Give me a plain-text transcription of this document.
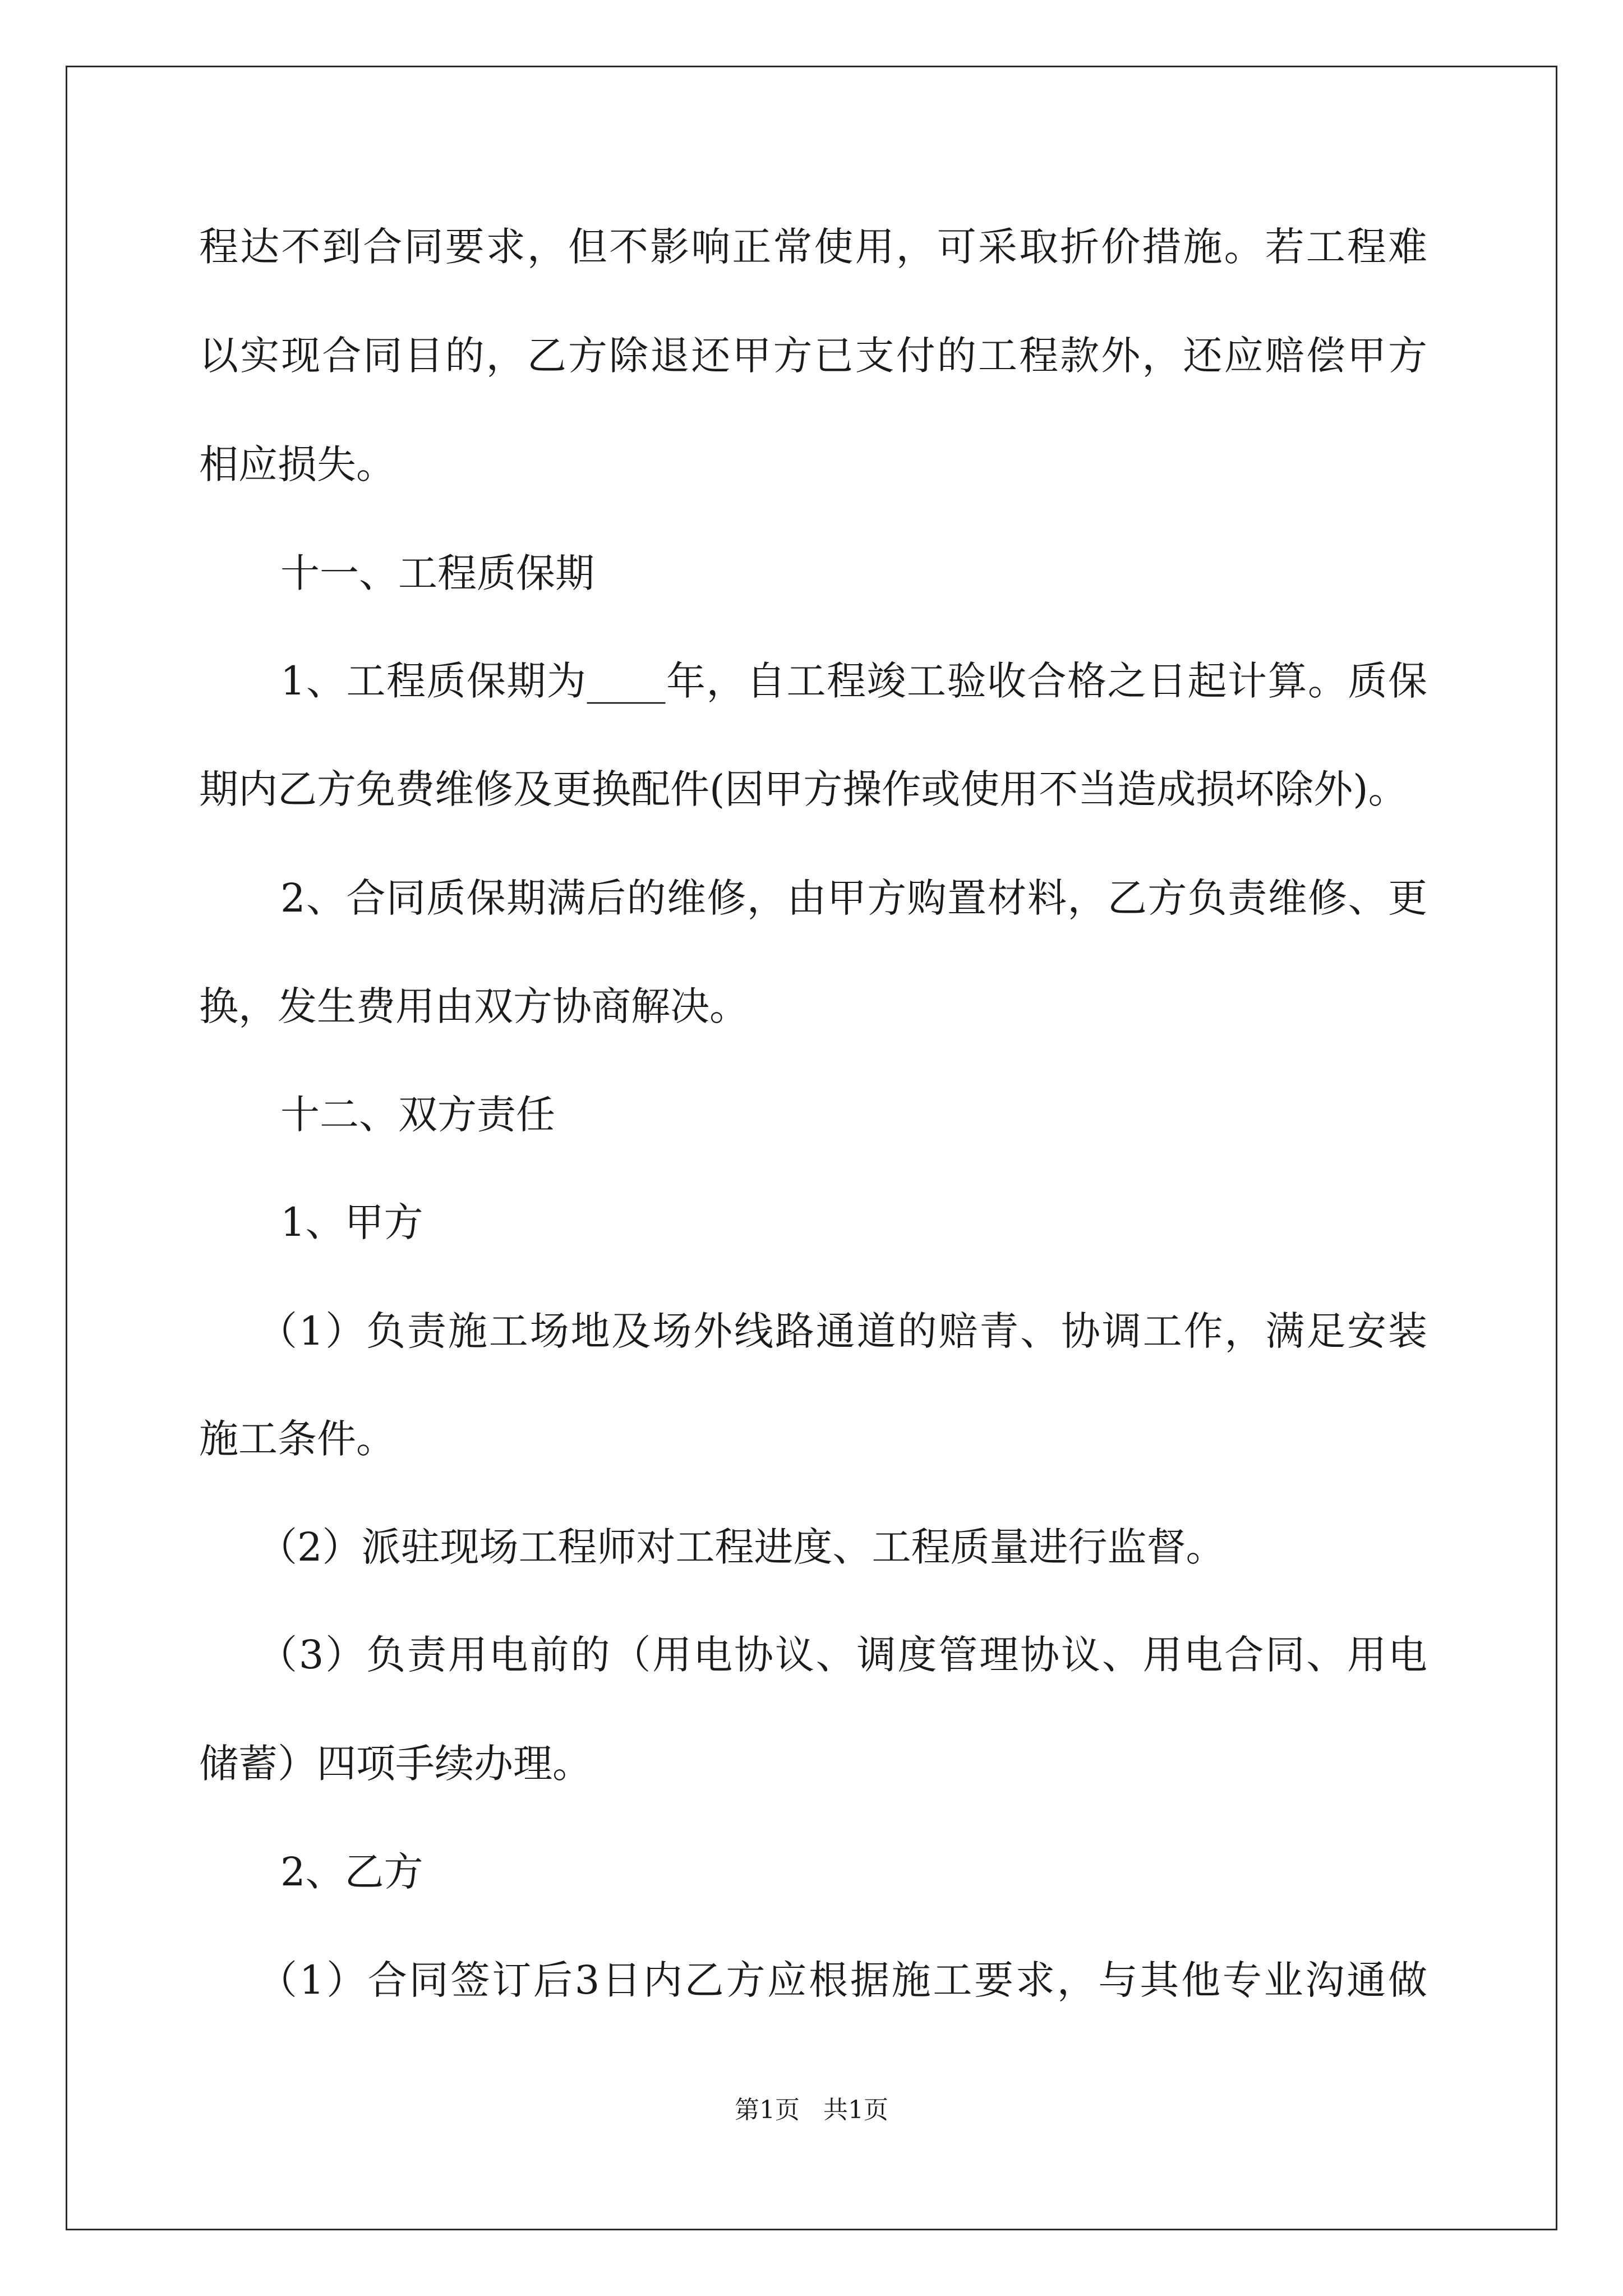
程达不到合同要求，但不影响正常使用，可采取折价措施。若工程难

以实现合同目的，乙方除退还甲方已支付的工程款外，还应赔偿甲方

相应损失。

十一、工程质保期

1、工程质保期为____年，自工程竣工验收合格之日起计算。质保

期内乙方免费维修及更换配件(因甲方操作或使用不当造成损坏除外)。

2、合同质保期满后的维修，由甲方购置材料，乙方负责维修、更

换，发生费用由双方协商解决。

十二、双方责任

1、甲方

（1）负责施工场地及场外线路通道的赔青、协调工作，满足安装

施工条件。

（2）派驻现场工程师对工程进度、工程质量进行监督。

（3）负责用电前的（用电协议、调度管理协议、用电合同、用电

储蓄）四项手续办理。

2、乙方

（1）合同签订后3日内乙方应根据施工要求，与其他专业沟通做

第1页   共1页
